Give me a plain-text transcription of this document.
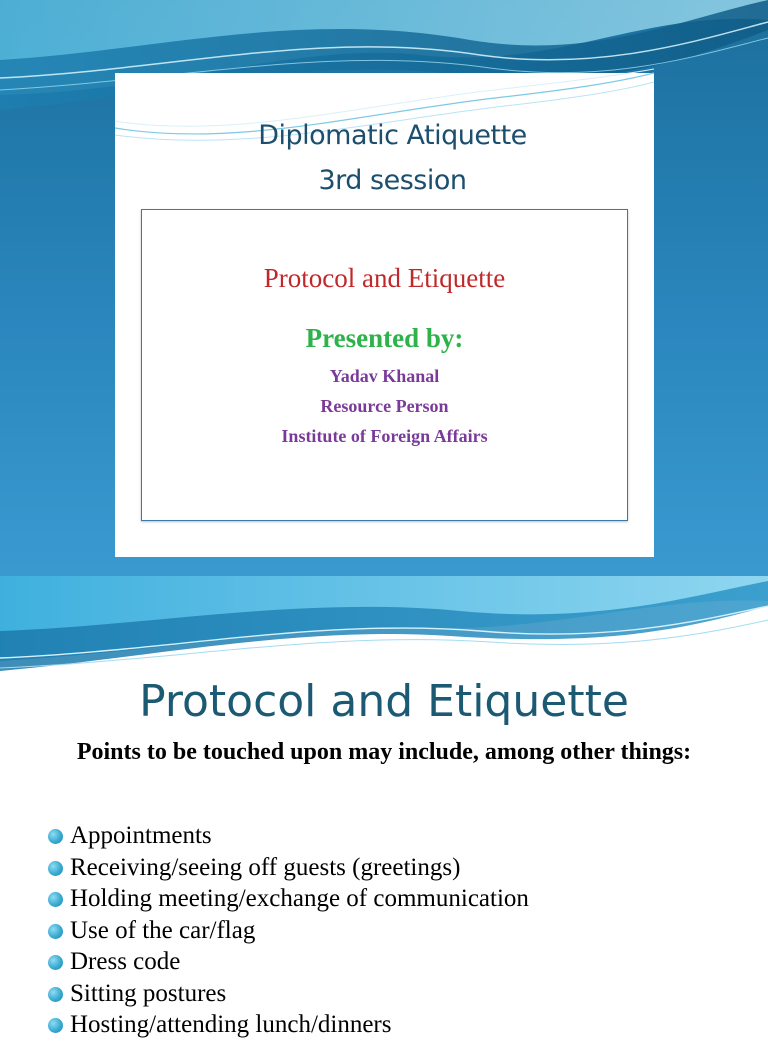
Diplomatic Atiquette
3rd session
Protocol and Etiquette
Presented by:
Yadav Khanal
Resource Person
Institute of Foreign Affairs
Protocol and Etiquette
Points to be touched upon may include, among other things:
Appointments
Receiving/seeing off guests (greetings)
Holding meeting/exchange of communication
Use of the car/flag
Dress code
Sitting postures
Hosting/attending lunch/dinners
